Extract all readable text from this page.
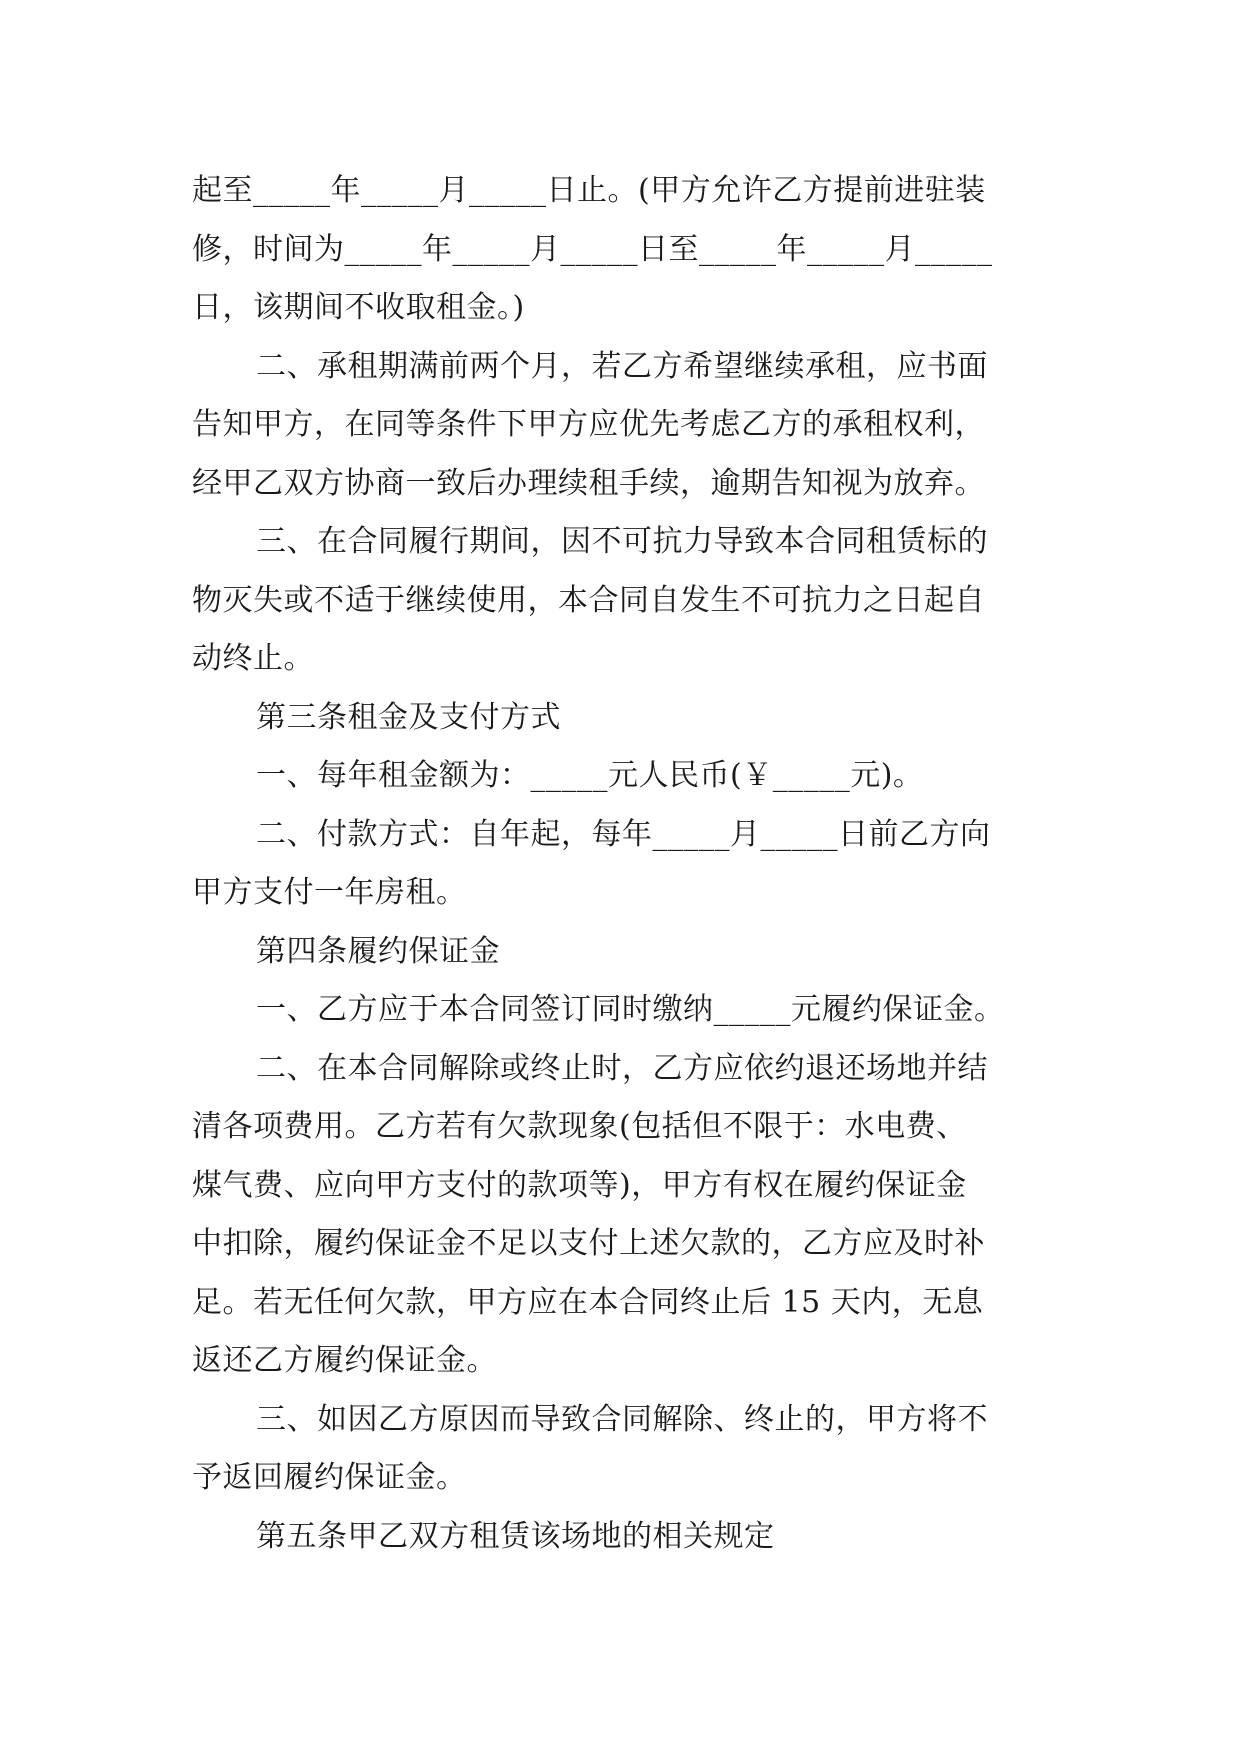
起至_____年_____月_____日止。(甲方允许乙方提前进驻装
修，时间为_____年_____月_____日至_____年_____月_____
日，该期间不收取租金。)
二、承租期满前两个月，若乙方希望继续承租，应书面
告知甲方，在同等条件下甲方应优先考虑乙方的承租权利，
经甲乙双方协商一致后办理续租手续，逾期告知视为放弃。
三、在合同履行期间，因不可抗力导致本合同租赁标的
物灭失或不适于继续使用，本合同自发生不可抗力之日起自
动终止。
第三条租金及支付方式
一、每年租金额为：_____元人民币(￥_____元)。
二、付款方式：自年起，每年_____月_____日前乙方向
甲方支付一年房租。
第四条履约保证金
一、乙方应于本合同签订同时缴纳_____元履约保证金。
二、在本合同解除或终止时，乙方应依约退还场地并结
清各项费用。乙方若有欠款现象(包括但不限于：水电费、
煤气费、应向甲方支付的款项等)，甲方有权在履约保证金
中扣除，履约保证金不足以支付上述欠款的，乙方应及时补
足。若无任何欠款，甲方应在本合同终止后 15 天内，无息
返还乙方履约保证金。
三、如因乙方原因而导致合同解除、终止的，甲方将不
予返回履约保证金。
第五条甲乙双方租赁该场地的相关规定
